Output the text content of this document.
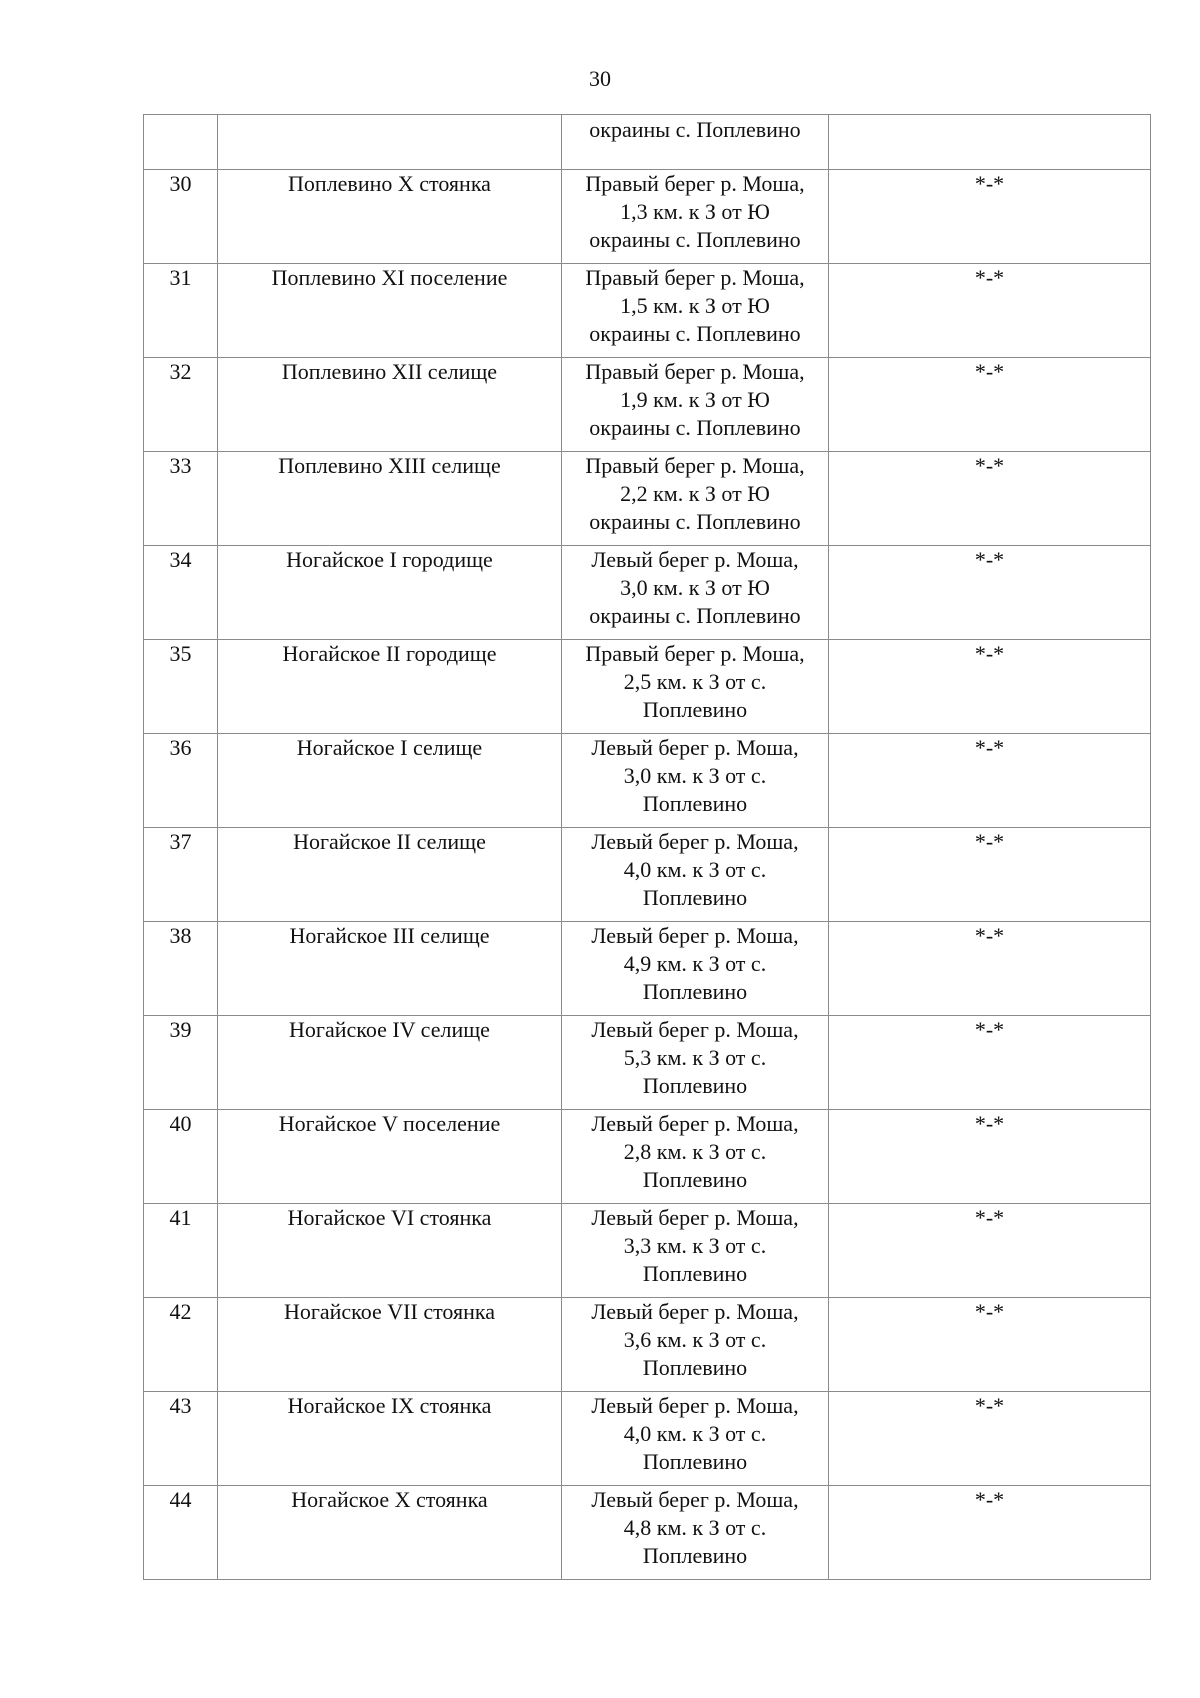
30
		окраины с. Поплевино	
30	Поплевино X стоянка	Правый берег р. Моша,
1,3 км. к З от Ю
окраины с. Поплевино	*-*
31	Поплевино XI поселение	Правый берег р. Моша,
1,5 км. к З от Ю
окраины с. Поплевино	*-*
32	Поплевино XII селище	Правый берег р. Моша,
1,9 км. к З от Ю
окраины с. Поплевино	*-*
33	Поплевино XIII селище	Правый берег р. Моша,
2,2 км. к З от Ю
окраины с. Поплевино	*-*
34	Ногайское I городище	Левый берег р. Моша,
3,0 км. к З от Ю
окраины с. Поплевино	*-*
35	Ногайское II городище	Правый берег р. Моша,
2,5 км. к З от с.
Поплевино	*-*
36	Ногайское I селище	Левый берег р. Моша,
3,0 км. к З от с.
Поплевино	*-*
37	Ногайское II селище	Левый берег р. Моша,
4,0 км. к З от с.
Поплевино	*-*
38	Ногайское III селище	Левый берег р. Моша,
4,9 км. к З от с.
Поплевино	*-*
39	Ногайское IV селище	Левый берег р. Моша,
5,3 км. к З от с.
Поплевино	*-*
40	Ногайское V поселение	Левый берег р. Моша,
2,8 км. к З от с.
Поплевино	*-*
41	Ногайское VI стоянка	Левый берег р. Моша,
3,3 км. к З от с.
Поплевино	*-*
42	Ногайское VII стоянка	Левый берег р. Моша,
3,6 км. к З от с.
Поплевино	*-*
43	Ногайское IX стоянка	Левый берег р. Моша,
4,0 км. к З от с.
Поплевино	*-*
44	Ногайское X стоянка	Левый берег р. Моша,
4,8 км. к З от с.
Поплевино	*-*
